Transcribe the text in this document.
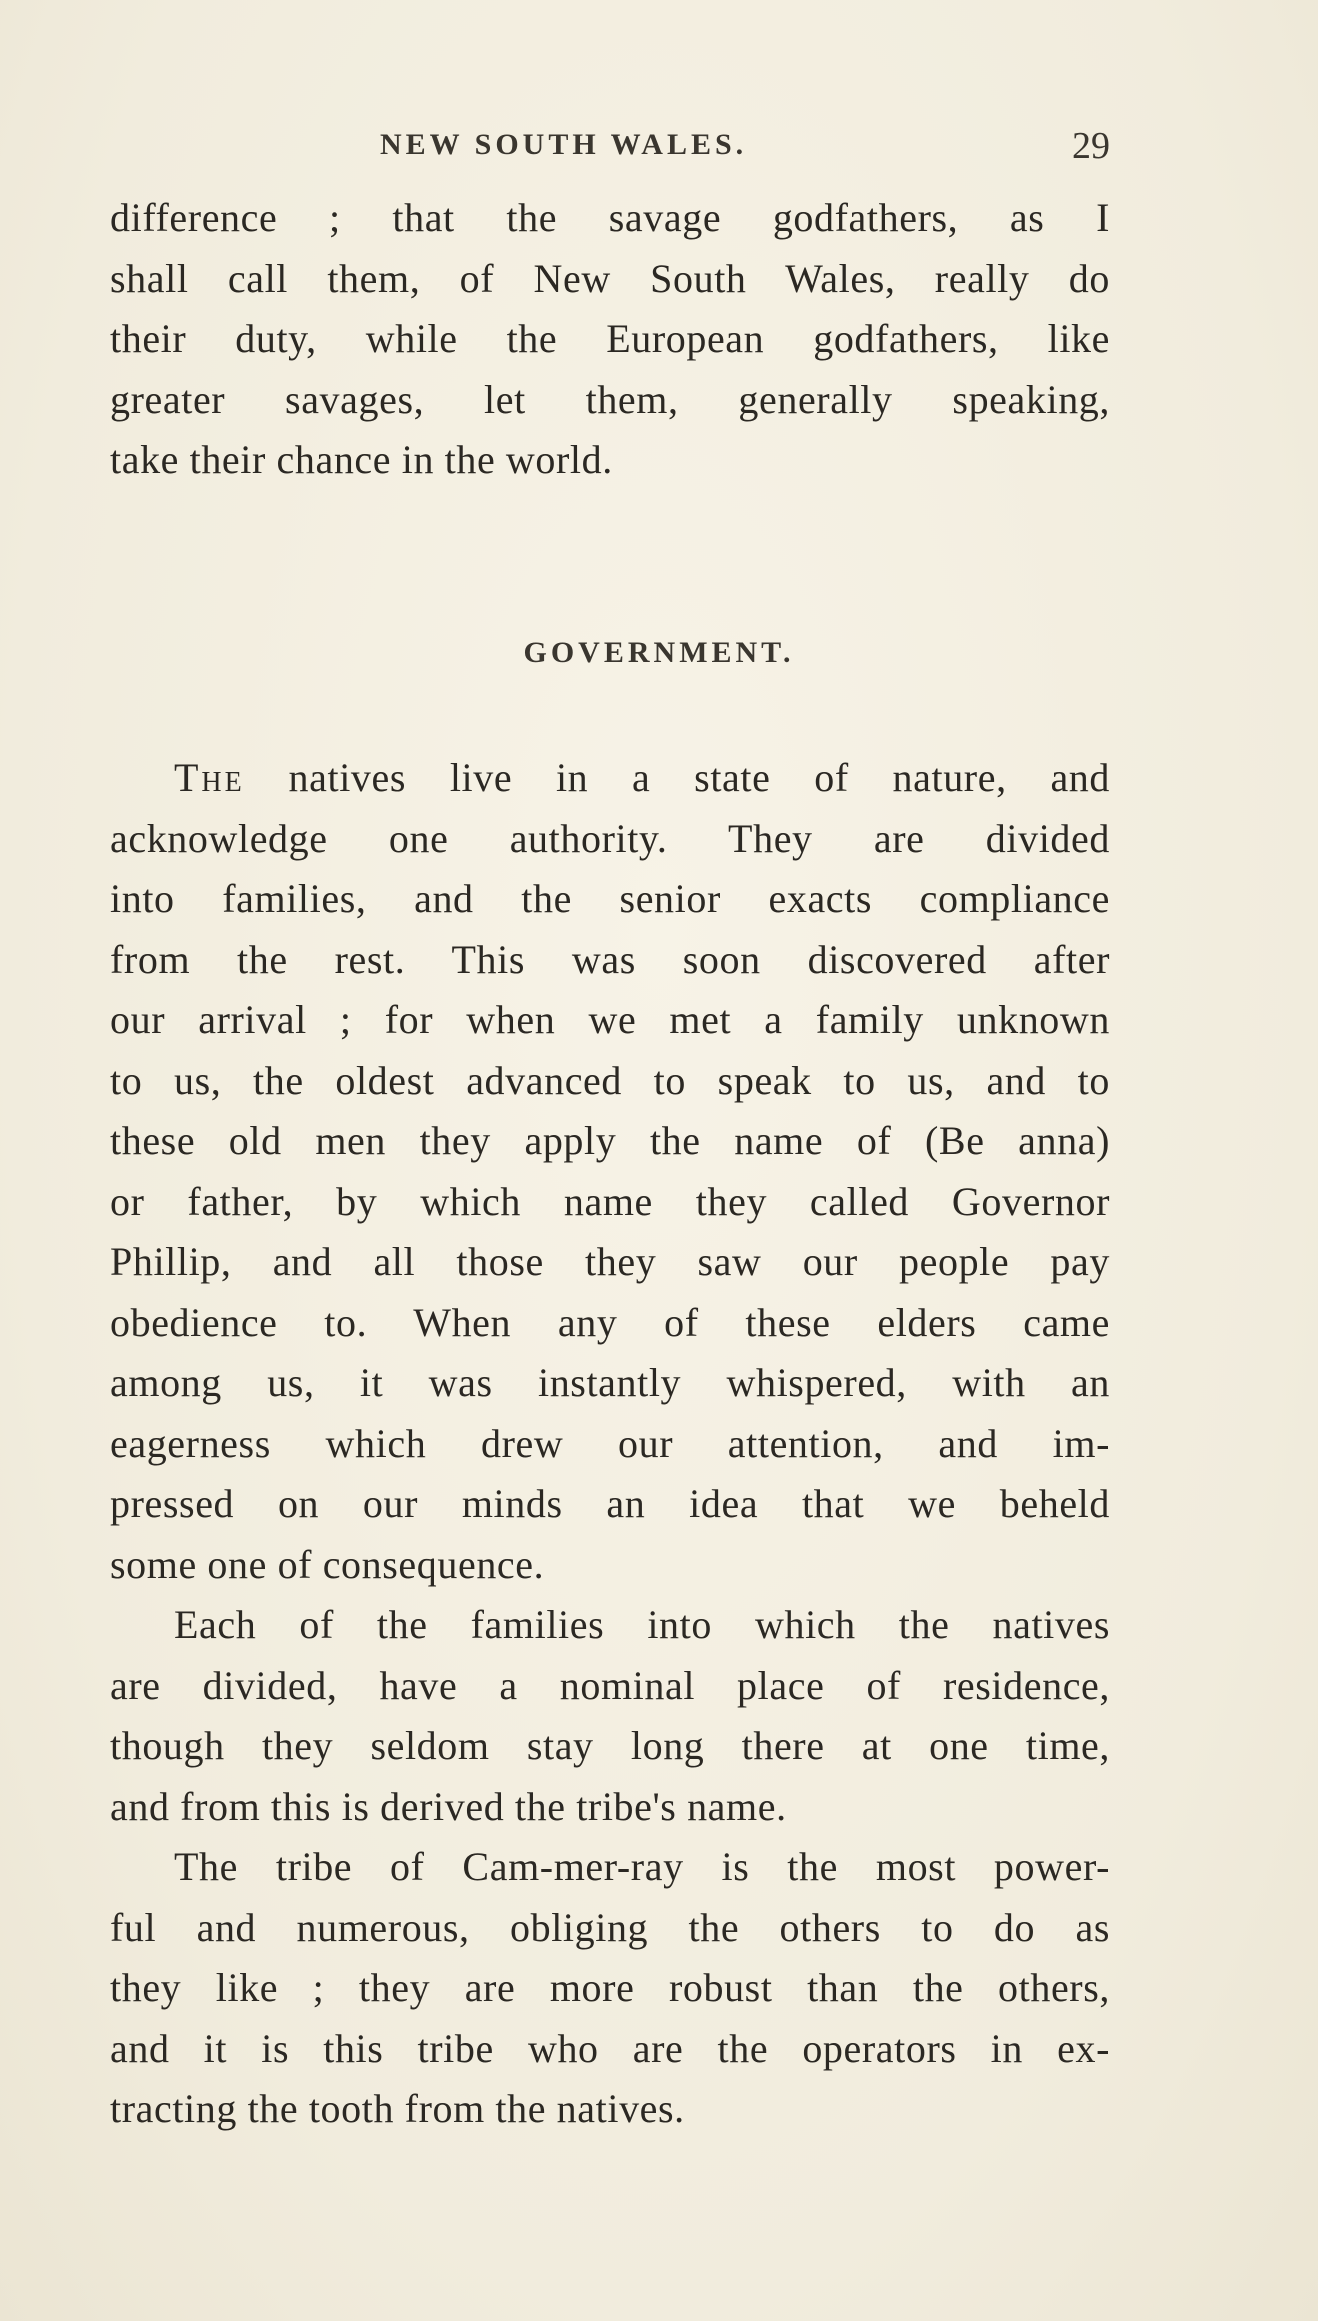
NEW SOUTH WALES.	29
difference ; that the savage godfathers, as I
shall call them, of New South Wales, really do
their duty, while the European godfathers, like
greater savages, let them, generally speaking,
take their chance in the world.
GOVERNMENT.
The natives live in a state of nature, and
acknowledge one authority. They are divided
into families, and the senior exacts compliance
from the rest. This was soon discovered after
our arrival ; for when we met a family unknown
to us, the oldest advanced to speak to us, and to
these old men they apply the name of (Be anna)
or father, by which name they called Governor
Phillip, and all those they saw our people pay
obedience to. When any of these elders came
among us, it was instantly whispered, with an
eagerness which drew our attention, and im-
pressed on our minds an idea that we beheld
some one of consequence.
Each of the families into which the natives
are divided, have a nominal place of residence,
though they seldom stay long there at one time,
and from this is derived the tribe's name.
The tribe of Cam-mer-ray is the most power-
ful and numerous, obliging the others to do as
they like ; they are more robust than the others,
and it is this tribe who are the operators in ex-
tracting the tooth from the natives.
